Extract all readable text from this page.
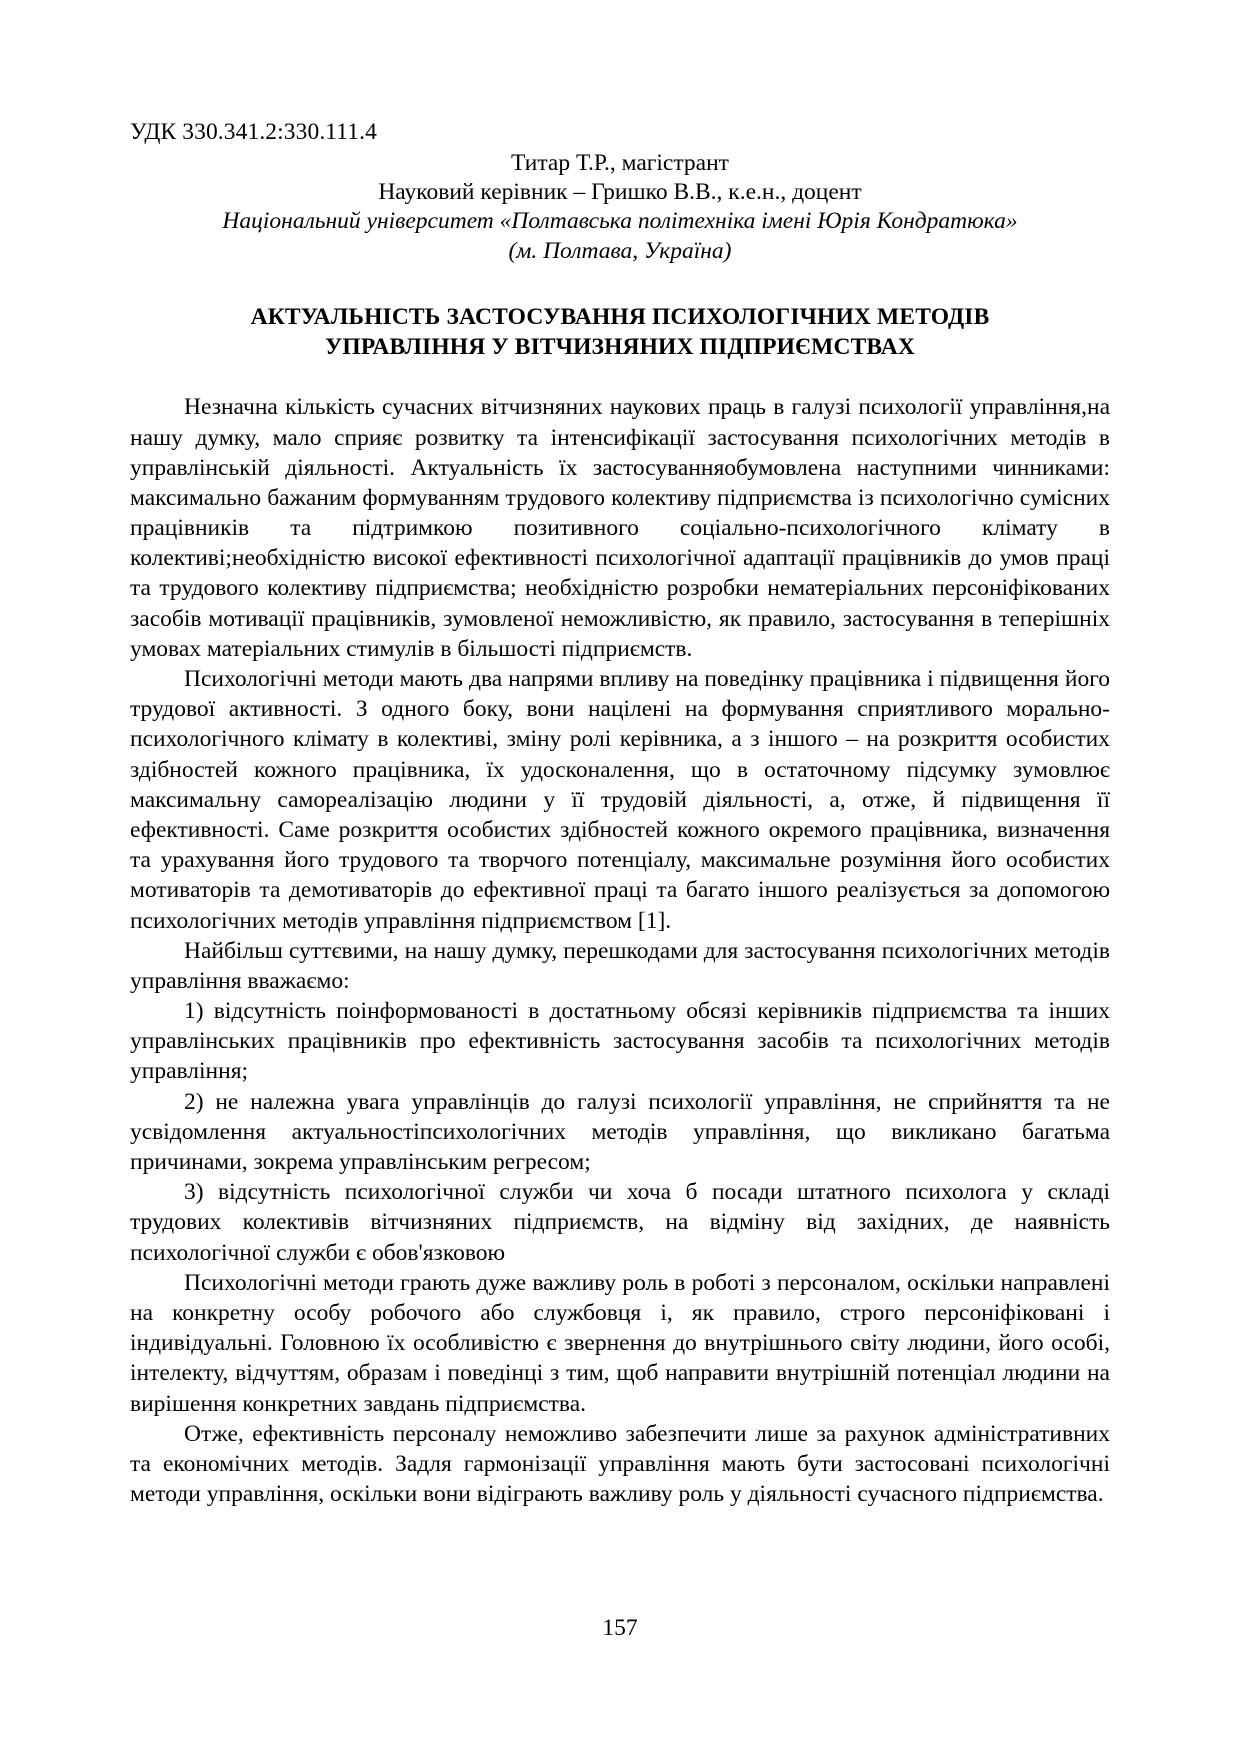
УДК 330.341.2:330.111.4
Титар Т.Р., магістрант
Науковий керівник – Гришко В.В., к.е.н., доцент
Національний університет «Полтавська політехніка імені Юрія Кондратюка»
(м. Полтава, Україна)
АКТУАЛЬНІСТЬ ЗАСТОСУВАННЯ ПСИХОЛОГІЧНИХ МЕТОДІВ
УПРАВЛІННЯ У ВІТЧИЗНЯНИХ ПІДПРИЄМСТВАХ

Незначна кількість сучасних вітчизняних наукових праць в галузі психології управління,на нашу думку, мало сприяє розвитку та інтенсифікації застосування психологічних методів в управлінській діяльності. Актуальність їх застосуванняобумовлена наступними чинниками: максимально бажаним формуванням трудового колективу підприємства із психологічно сумісних працівників та підтримкою позитивного соціально-психологічного клімату в колективі;необхідністю високої ефективності психологічної адаптації працівників до умов праці та трудового колективу підприємства; необхідністю розробки нематеріальних персоніфікованих засобів мотивації працівників, зумовленої неможливістю, як правило, застосування в теперішніх умовах матеріальних стимулів в більшості підприємств.

Психологічні методи мають два напрями впливу на поведінку працівника і підвищення його трудової активності. З одного боку, вони націлені на формування сприятливого морально-психологічного клімату в колективі, зміну ролі керівника, а з іншого – на розкриття особистих здібностей кожного працівника, їх удосконалення, що в остаточному підсумку зумовлює максимальну самореалізацію людини у її трудовій діяльності, а, отже, й підвищення її ефективності. Саме розкриття особистих здібностей кожного окремого працівника, визначення та урахування його трудового та творчого потенціалу, максимальне розуміння його особистих мотиваторів та демотиваторів до ефективної праці та багато іншого реалізується за допомогою психологічних методів управління підприємством [1].

Найбільш суттєвими, на нашу думку, перешкодами для застосування психологічних методів управління вважаємо:

1) відсутність поінформованості в достатньому обсязі керівників підприємства та інших управлінських працівників про ефективність застосування засобів та психологічних методів управління;

2) не належна увага управлінців до галузі психології управління, не сприйняття та не усвідомлення актуальностіпсихологічних методів управління, що викликано багатьма причинами, зокрема управлінським регресом;

3) відсутність психологічної служби чи хоча б посади штатного психолога у складі трудових колективів вітчизняних підприємств, на відміну від західних, де наявність психологічної служби є обов'язковою

Психологічні методи грають дуже важливу роль в роботі з персоналом, оскільки направлені на конкретну особу робочого або службовця і, як правило, строго персоніфіковані і індивідуальні. Головною їх особливістю є звернення до внутрішнього світу людини, його особі, інтелекту, відчуттям, образам і поведінці з тим, щоб направити внутрішній потенціал людини на вирішення конкретних завдань підприємства.

Отже, ефективність персоналу неможливо забезпечити лише за рахунок адміністративних та економічних методів. Задля гармонізації управління мають бути застосовані психологічні методи управління, оскільки вони відіграють важливу роль у діяльності сучасного підприємства.

157
